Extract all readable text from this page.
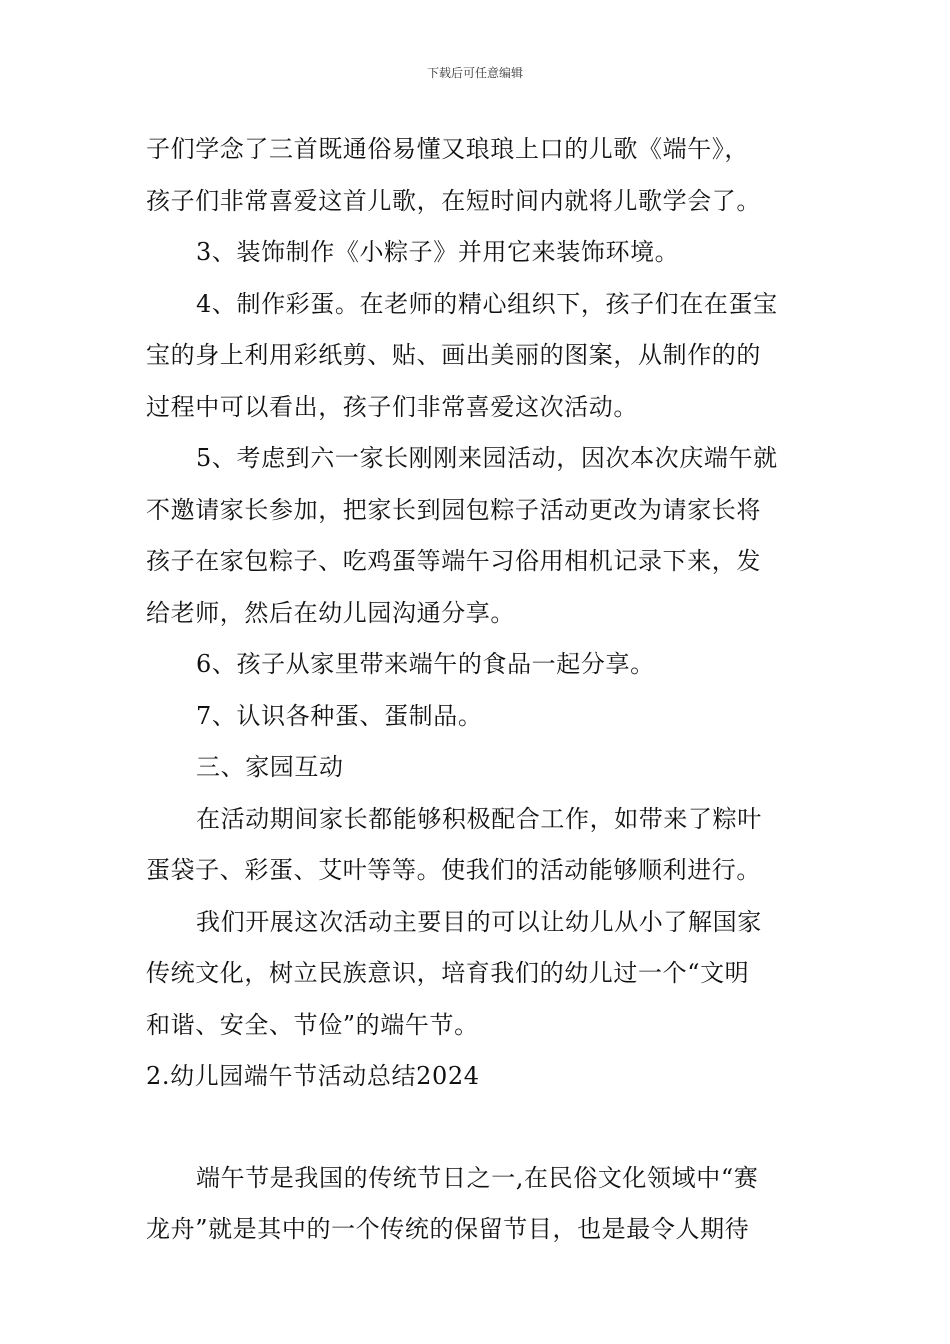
下载后可任意编辑

子们学念了三首既通俗易懂又琅琅上口的儿歌《端午》，
孩子们非常喜爱这首儿歌，在短时间内就将儿歌学会了。

3、装饰制作《小粽子》并用它来装饰环境。

4、制作彩蛋。在老师的精心组织下，孩子们在在蛋宝
宝的身上利用彩纸剪、贴、画出美丽的图案，从制作的的
过程中可以看出，孩子们非常喜爱这次活动。

5、考虑到六一家长刚刚来园活动，因次本次庆端午就
不邀请家长参加，把家长到园包粽子活动更改为请家长将
孩子在家包粽子、吃鸡蛋等端午习俗用相机记录下来，发
给老师，然后在幼儿园沟通分享。

6、孩子从家里带来端午的食品一起分享。

7、认识各种蛋、蛋制品。

三、家园互动

在活动期间家长都能够积极配合工作，如带来了粽叶
蛋袋子、彩蛋、艾叶等等。使我们的活动能够顺利进行。

我们开展这次活动主要目的可以让幼儿从小了解国家
传统文化，树立民族意识，培育我们的幼儿过一个“文明
和谐、安全、节俭”的端午节。

2.幼儿园端午节活动总结2024

端午节是我国的传统节日之一,在民俗文化领域中“赛
龙舟”就是其中的一个传统的保留节目，也是最令人期待
